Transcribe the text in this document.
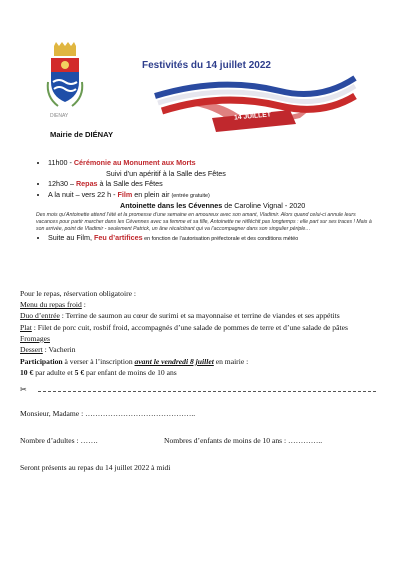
DIENAY
Mairie de DIÉNAY
Festivités du 14 juillet 2022
14 JUILLET
• 11h00 - Cérémonie au Monument aux Morts
Suivi d’un apéritif à la Salle des Fêtes
• 12h30 – Repas à la Salle des Fêtes
• A la nuit – vers 22 h - Film en plein air (entrée gratuite)
Antoinette dans les Cévennes de Caroline Vignal - 2020
Des mois qu’Antoinette attend l’été et la promesse d’une semaine en amoureux avec son amant, Vladimir. Alors quand celui-ci annule leurs vacances pour partir marcher dans les Cévennes avec sa femme et sa fille, Antoinette ne réfléchit pas longtemps : elle part sur ses traces ! Mais à son arrivée, point de Vladimir - seulement Patrick, un âne récalcitrant qui va l’accompagner dans son singulier périple…
• Suite au Film, Feu d’artifices en fonction de l’autorisation préfectorale et des conditions météo
Pour le repas, réservation obligatoire :
Menu du repas froid :
Duo d’entrée : Terrine de saumon au cœur de surimi et sa mayonnaise et terrine de viandes et ses appétits
Plat : Filet de porc cuit, rosbif froid, accompagnés d’une salade de pommes de terre et d’une salade de pâtes
Fromages
Dessert : Vacherin
Participation à verser à l’inscription avant le vendredi 8 juillet en mairie :
10 € par adulte et 5 € par enfant de moins de 10 ans
✂
Monsieur, Madame : ……………………………………..
Nombre d’adultes : …….	Nombres d’enfants de moins de 10 ans : …………..
Seront présents au repas du 14 juillet 2022 à midi
